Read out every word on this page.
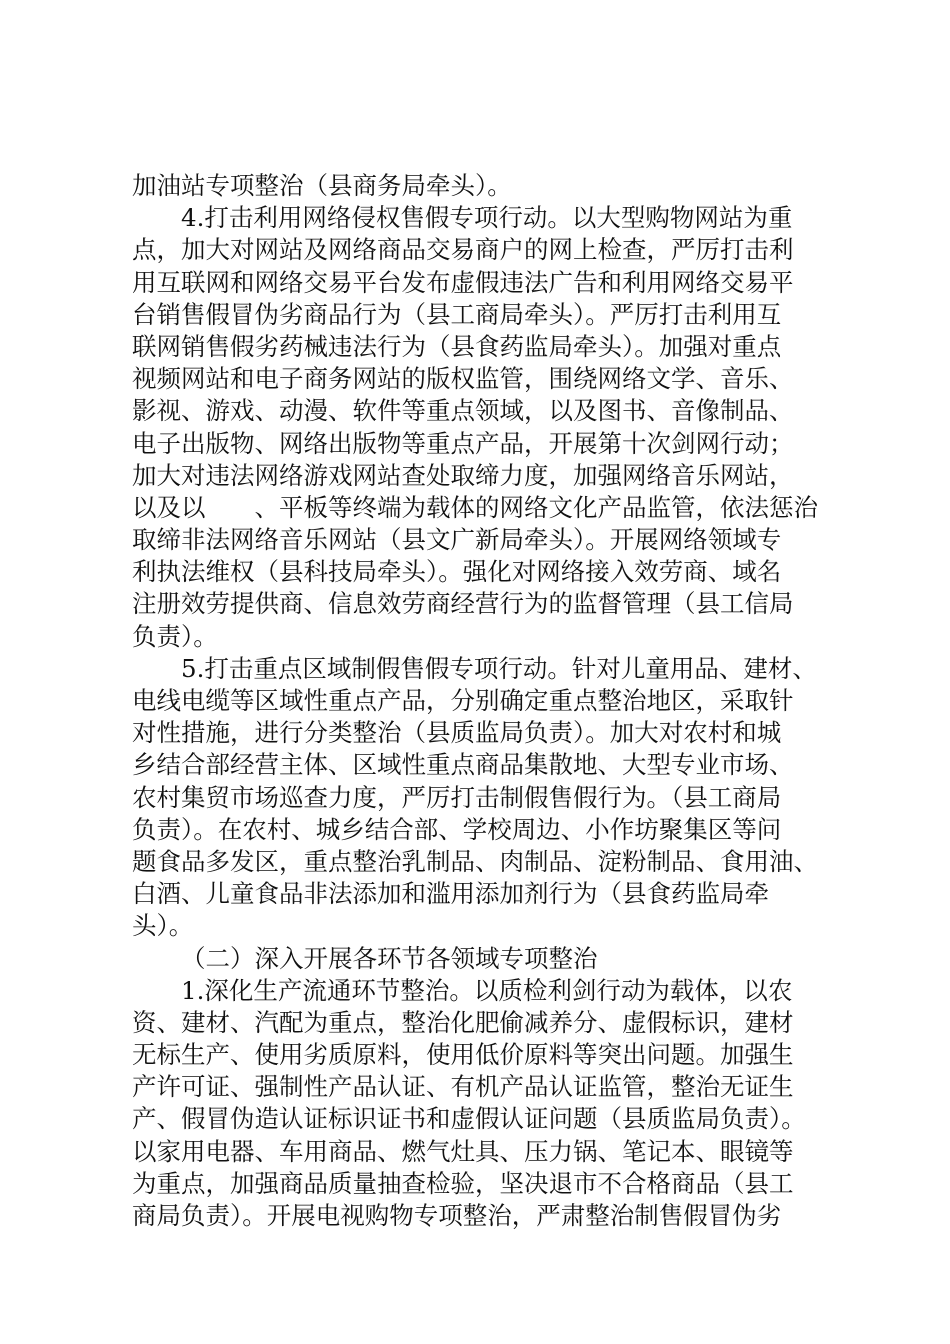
加油站专项整治（县商务局牵头）。
4.打击利用网络侵权售假专项行动。以大型购物网站为重
点，加大对网站及网络商品交易商户的网上检查，严厉打击利
用互联网和网络交易平台发布虚假违法广告和利用网络交易平
台销售假冒伪劣商品行为（县工商局牵头）。严厉打击利用互
联网销售假劣药械违法行为（县食药监局牵头）。加强对重点
视频网站和电子商务网站的版权监管，围绕网络文学、音乐、
影视、游戏、动漫、软件等重点领域，以及图书、音像制品、
电子出版物、网络出版物等重点产品，开展第十次剑网行动；
加大对违法网络游戏网站查处取缔力度，加强网络音乐网站，
以及以　　、平板等终端为载体的网络文化产品监管，依法惩治
取缔非法网络音乐网站（县文广新局牵头）。开展网络领域专
利执法维权（县科技局牵头）。强化对网络接入效劳商、域名
注册效劳提供商、信息效劳商经营行为的监督管理（县工信局
负责）。
5.打击重点区域制假售假专项行动。针对儿童用品、建材、
电线电缆等区域性重点产品，分别确定重点整治地区，采取针
对性措施，进行分类整治（县质监局负责）。加大对农村和城
乡结合部经营主体、区域性重点商品集散地、大型专业市场、
农村集贸市场巡查力度，严厉打击制假售假行为。（县工商局
负责）。在农村、城乡结合部、学校周边、小作坊聚集区等问
题食品多发区，重点整治乳制品、肉制品、淀粉制品、食用油、
白酒、儿童食品非法添加和滥用添加剂行为（县食药监局牵
头）。
（二）深入开展各环节各领域专项整治
1.深化生产流通环节整治。以质检利剑行动为载体，以农
资、建材、汽配为重点，整治化肥偷减养分、虚假标识，建材
无标生产、使用劣质原料，使用低价原料等突出问题。加强生
产许可证、强制性产品认证、有机产品认证监管，整治无证生
产、假冒伪造认证标识证书和虚假认证问题（县质监局负责）。
以家用电器、车用商品、燃气灶具、压力锅、笔记本、眼镜等
为重点，加强商品质量抽查检验，坚决退市不合格商品（县工
商局负责）。开展电视购物专项整治，严肃整治制售假冒伪劣
